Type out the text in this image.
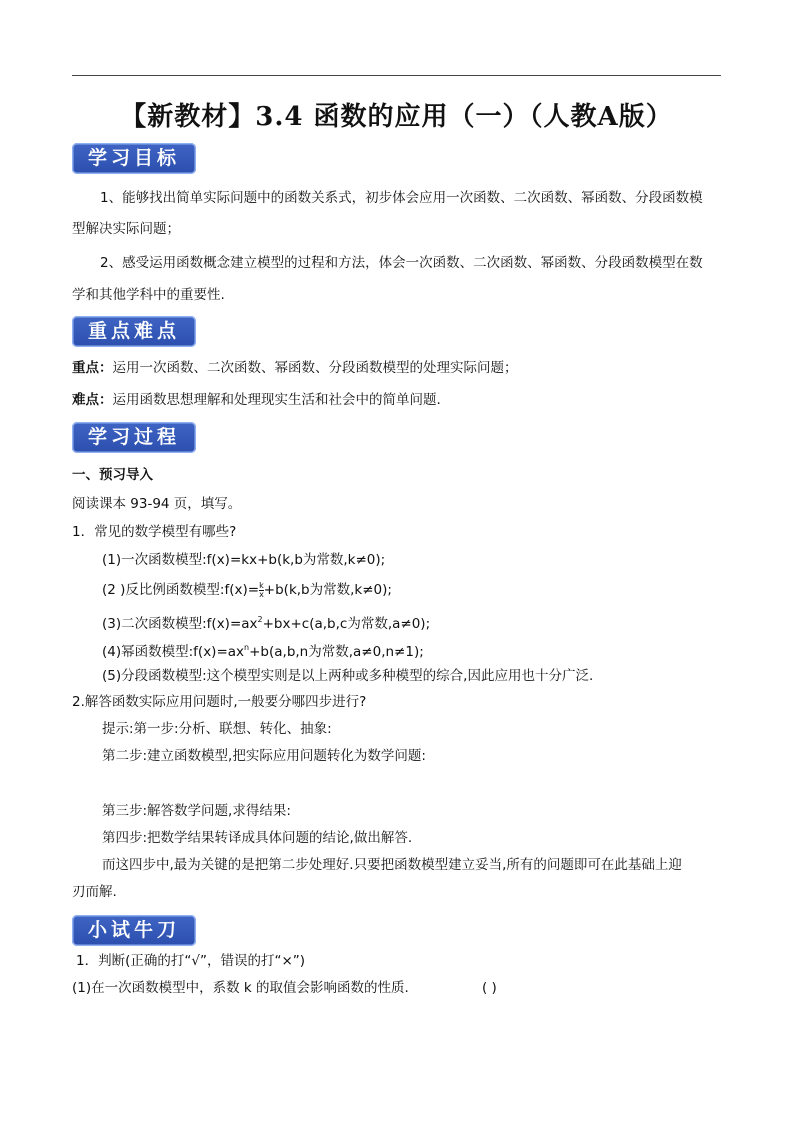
【新教材】3.4 函数的应用（一）（人教A版）
学习目标
1、能够找出简单实际问题中的函数关系式，初步体会应用一次函数、二次函数、幂函数、分段函数模
型解决实际问题；
2、感受运用函数概念建立模型的过程和方法，体会一次函数、二次函数、幂函数、分段函数模型在数
学和其他学科中的重要性.
重点难点
重点：运用一次函数、二次函数、幂函数、分段函数模型的处理实际问题；
难点：运用函数思想理解和处理现实生活和社会中的简单问题.
学习过程
一、预习导入
阅读课本 93-94 页，填写。
1．常见的数学模型有哪些?
(1)一次函数模型:f(x)=kx+b(k,b为常数,k≠0);
(2 )反比例函数模型:f(x)= $\frac{k}{x} +b(k,b$为常数,k≠0);
(3)二次函数模型$:f(x)=ax^2+bx+c(a,b,c$为常数,a≠0);
(4)幂函数模型$:f(x)=ax^n+b(a,b,n$为常数,a≠0,n≠1);
(5)分段函数模型:这个模型实则是以上两种或多种模型的综合,因此应用也十分广泛.
2.解答函数实际应用问题时,一般要分哪四步进行?
提示:第一步:分析、联想、转化、抽象:
第二步:建立函数模型,把实际应用问题转化为数学问题:
第三步:解答数学问题,求得结果:
第四步:把数学结果转译成具体问题的结论,做出解答.
而这四步中,最为关键的是把第二步处理好.只要把函数模型建立妥当,所有的问题即可在此基础上迎
刃而解.
小试牛刀
1．判断(正确的打“√”，错误的打“×”)
(1)在一次函数模型中，系数 k 的取值会影响函数的性质.	( )
